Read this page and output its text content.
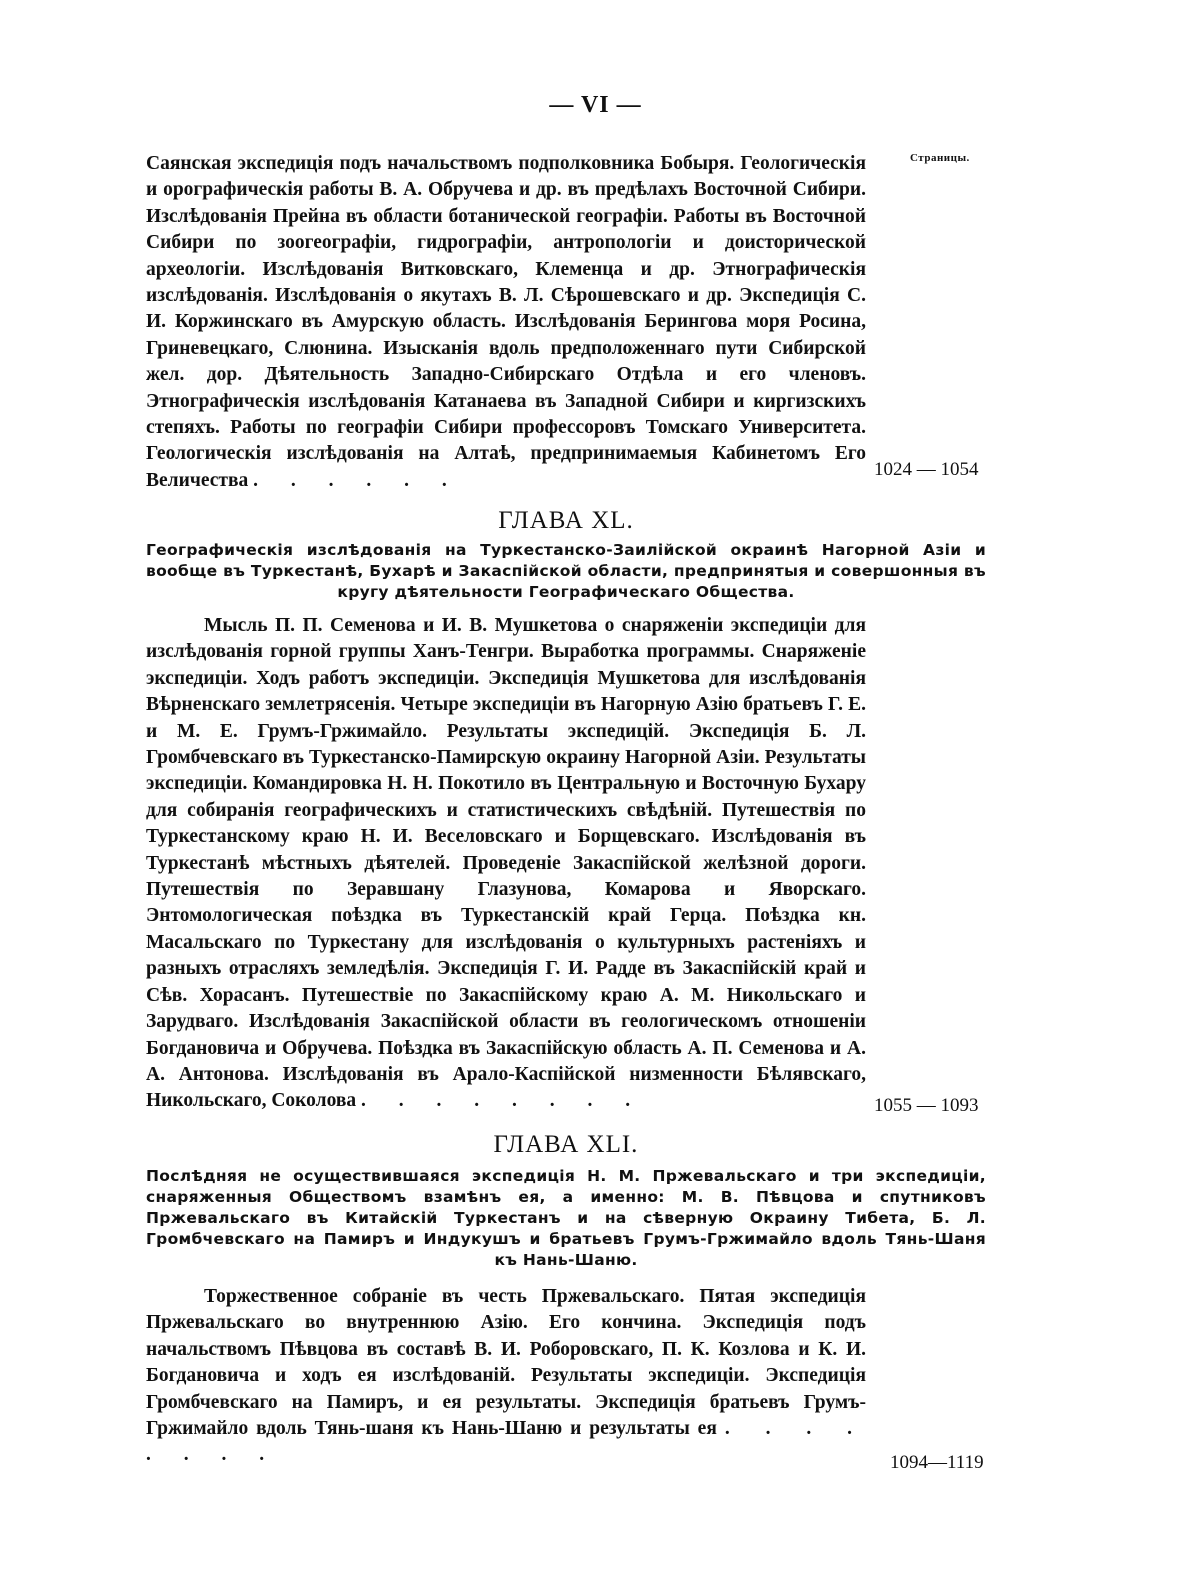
— VI —
Страницы.
Саянская экспедиція подъ начальствомъ подполковника Бобыря. Геологическія и орографическія работы В. А. Обручева и др. въ предѣлахъ Восточной Сибири. Изслѣдованія Прейна въ области ботанической географіи. Работы въ Восточной Сибири по зоогеографіи, гидрографіи, антропологіи и доисторической археологіи. Изслѣдованія Витковскаго, Клеменца и др. Этнографическія изслѣдованія. Изслѣдованія о якутахъ В. Л. Сѣрошевскаго и др. Экспедиція С. И. Коржинскаго въ Амурскую область. Изслѣдованія Берингова моря Росина, Гриневецкаго, Слюнина. Изысканія вдоль предположеннаго пути Сибирской жел. дор. Дѣятельность Западно-Сибирскаго Отдѣла и его членовъ. Этнографическія изслѣдованія Катанаева въ Западной Сибири и киргизскихъ степяхъ. Работы по географіи Сибири профессоровъ Томскаго Университета. Геологическія изслѣдованія на Алтаѣ, предпринимаемыя Кабинетомъ Его Величества . . . . . .
1024 — 1054
ГЛАВА XL.
Географическія изслѣдованія на Туркестанско-Заилійской окраинѣ Нагорной Азіи и вообще въ Туркестанѣ, Бухарѣ и Закаспійской области, предпринятыя и совершонныя въ кругу дѣятельности Географическаго Общества.
Мысль П. П. Семенова и И. В. Мушкетова о снаряженіи экспедиціи для изслѣдованія горной группы Ханъ-Тенгри. Выработка программы. Снаряженіе экспедиціи. Ходъ работъ экспедиціи. Экспедиція Мушкетова для изслѣдованія Вѣрненскаго землетрясенія. Четыре экспедиціи въ Нагорную Азію братьевъ Г. Е. и М. Е. Грумъ-Гржимайло. Результаты экспедицій. Экспедиція Б. Л. Громбчевскаго въ Туркестанско-Памирскую окраину Нагорной Азіи. Результаты экспедиціи. Командировка Н. Н. Покотило въ Центральную и Восточную Бухару для собиранія географическихъ и статистическихъ свѣдѣній. Путешествія по Туркестанскому краю Н. И. Веселовскаго и Борщевскаго. Изслѣдованія въ Туркестанѣ мѣстныхъ дѣятелей. Проведеніе Закаспійской желѣзной дороги. Путешествія по Зеравшану Глазунова, Комарова и Яворскаго. Энтомологическая поѣздка въ Туркестанскій край Герца. Поѣздка кн. Масальскаго по Туркестану для изслѣдованія о культурныхъ растеніяхъ и разныхъ отрасляхъ земледѣлія. Экспедиція Г. И. Радде въ Закаспійскій край и Сѣв. Хорасанъ. Путешествіе по Закаспійскому краю А. М. Никольскаго и Зарудваго. Изслѣдованія Закаспійской области въ геологическомъ отношеніи Богдановича и Обручева. Поѣздка въ Закаспійскую область А. П. Семенова и А. А. Антонова. Изслѣдованія въ Арало-Каспійской низменности Бѣлявскаго, Никольскаго, Соколова . . . . . . . .	1055 — 1093
ГЛАВА XLI.
Послѣдняя не осуществившаяся экспедиція Н. М. Пржевальскаго и три экспедиціи, снаряженныя Обществомъ взамѣнъ ея, а именно: М. В. Пѣвцова и спутниковъ Пржевальскаго въ Китайскій Туркестанъ и на сѣверную Окраину Тибета, Б. Л. Громбчевскаго на Памиръ и Индукушъ и братьевъ Грумъ-Гржимайло вдоль Тянь-Шаня къ Нань-Шаню.
Торжественное собраніе въ честь Пржевальскаго. Пятая экспедиція Пржевальскаго во внутреннюю Азію. Его кончина. Экспедиція подъ начальствомъ Пѣвцова въ составѣ В. И. Роборовскаго, П. К. Козлова и К. И. Богдановича и ходъ ея изслѣдованій. Результаты экспедиціи. Экспедиція Громбчевскаго на Памиръ, и ея результаты. Экспедиція братьевъ Грумъ-Гржимайло вдоль Тянь-шаня къ Нань-Шаню и результаты ея . . . . . . . .	1094—1119
